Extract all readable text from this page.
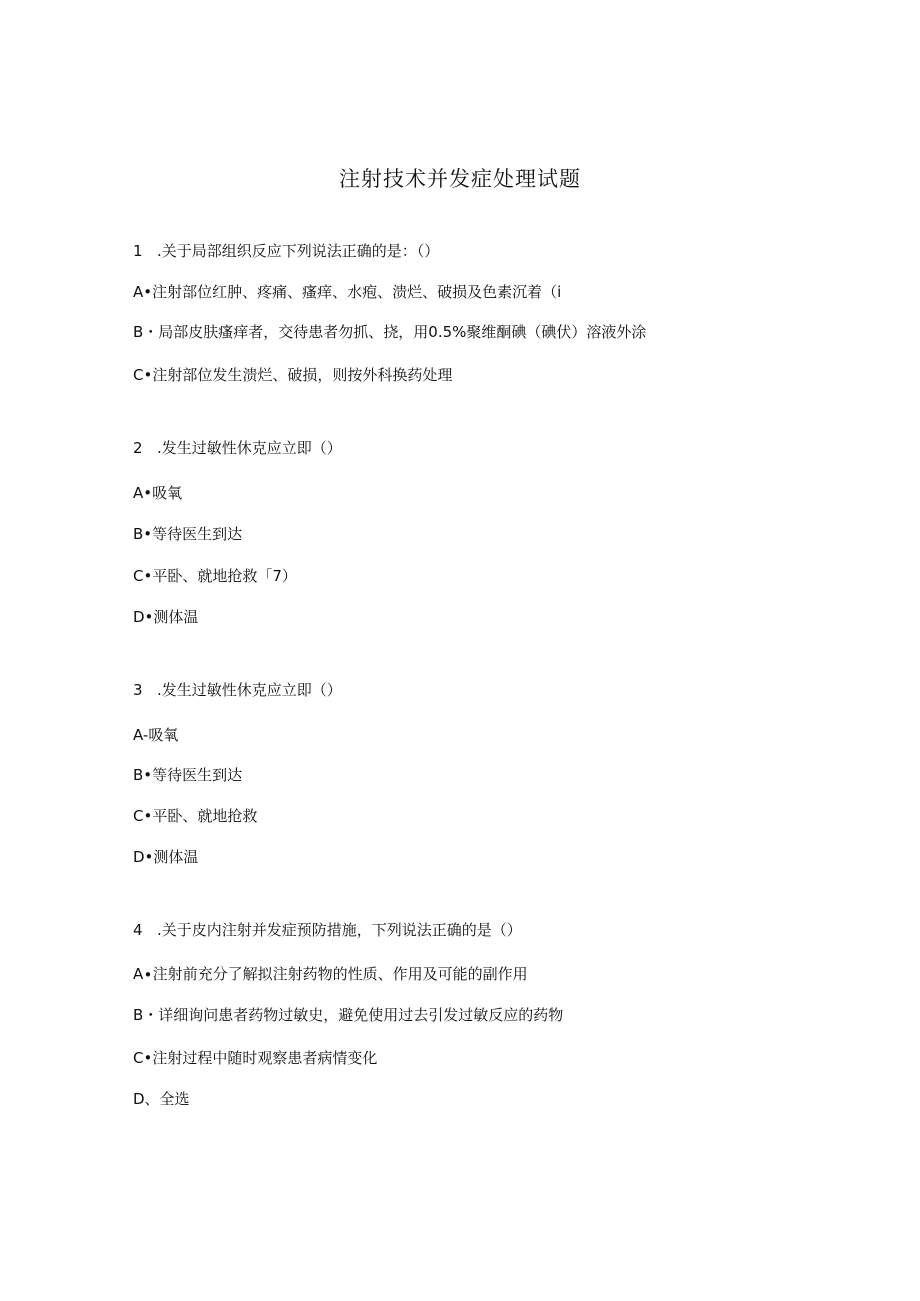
注射技术并发症处理试题

1 .关于局部组织反应下列说法正确的是：（）

A•注射部位红肿、疼痛、瘙痒、水疱、溃烂、破损及色素沉着（i

B・局部皮肤瘙痒者，交待患者勿抓、挠，用0.5%聚维酮碘（碘伏）溶液外涂

C•注射部位发生溃烂、破损，则按外科换药处理

2 .发生过敏性休克应立即（）

A•吸氧

B•等待医生到达

C•平卧、就地抢救「7）

D•测体温

3 .发生过敏性休克应立即（）

A-吸氧

B•等待医生到达

C•平卧、就地抢救

D•测体温

4 .关于皮内注射并发症预防措施，下列说法正确的是（）

A∙注射前充分了解拟注射药物的性质、作用及可能的副作用

B・详细询问患者药物过敏史，避免使用过去引发过敏反应的药物

C•注射过程中随时观察患者病情变化

D、全选
